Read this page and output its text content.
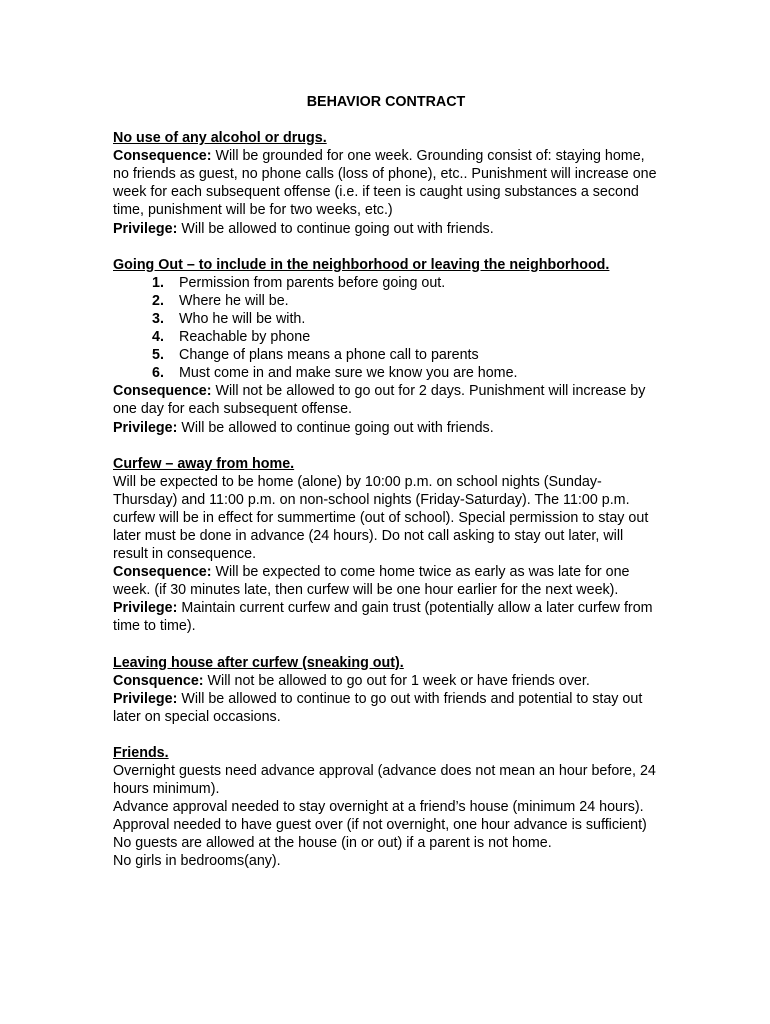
BEHAVIOR CONTRACT
No use of any alcohol or drugs.

Consequence: Will be grounded for one week. Grounding consist of: staying home, no friends as guest, no phone calls (loss of phone), etc.. Punishment will increase one week for each subsequent offense (i.e. if teen is caught using substances a second time, punishment will be for two weeks, etc.)

Privilege: Will be allowed to continue going out with friends.

Going Out – to include in the neighborhood or leaving the neighborhood.
1.	Permission from parents before going out.
2.	Where he will be.
3.	Who he will be with.
4.	Reachable by phone
5.	Change of plans means a phone call to parents
6.	Must come in and make sure we know you are home.

Consequence: Will not be allowed to go out for 2 days. Punishment will increase by one day for each subsequent offense.

Privilege: Will be allowed to continue going out with friends.

Curfew – away from home.

Will be expected to be home (alone) by 10:00 p.m. on school nights (Sunday-Thursday) and 11:00 p.m. on non-school nights (Friday-Saturday). The 11:00 p.m. curfew will be in effect for summertime (out of school). Special permission to stay out later must be done in advance (24 hours). Do not call asking to stay out later, will result in consequence.

Consequence: Will be expected to come home twice as early as was late for one week. (if 30 minutes late, then curfew will be one hour earlier for the next week).

Privilege: Maintain current curfew and gain trust (potentially allow a later curfew from time to time).

Leaving house after curfew (sneaking out).

Consquence: Will not be allowed to go out for 1 week or have friends over.

Privilege: Will be allowed to continue to go out with friends and potential to stay out later on special occasions.

Friends.

Overnight guests need advance approval (advance does not mean an hour before, 24 hours minimum).

Advance approval needed to stay overnight at a friend’s house (minimum 24 hours).

Approval needed to have guest over (if not overnight, one hour advance is sufficient)

No guests are allowed at the house (in or out) if a parent is not home.

No girls in bedrooms(any).
